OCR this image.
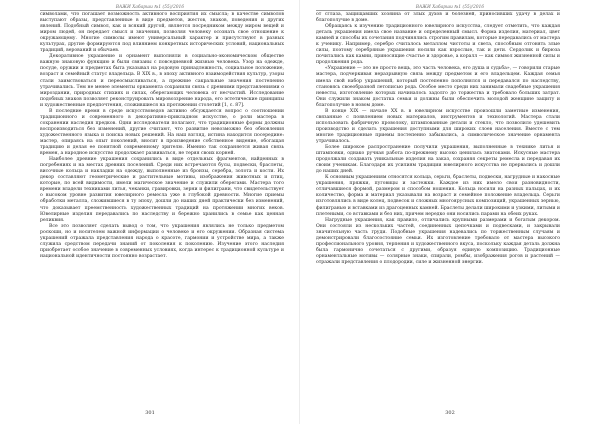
ВАЖИ Хабарши №1 (55)/2016

символами, что погашает возможность активного восприятия их смысла; в качестве символов выступают образы, представленные в виде предметов, жестов, знаков, поведения и других явлений. Подобный символ, как и всякий другой, является посредником между миром вещей и миром людей, он передает смысл и значения, позволяя человеку осознать свое отношение к окружающему. Многие символы имеют универсальный характер и присутствуют в разных культурах, другие формируются под влиянием конкретных исторических условий, национальных традиций, верований и обычаев.

Декоративное украшение и орнамент выполняли в социально-экономическом обществе важную знаковую функцию и были связаны с повседневной жизнью человека. Узор на одежде, посуде, оружии и предметах быта указывал на родовую принадлежность, социальное положение, возраст и семейный статус владельца. В XIX в., в эпоху активного взаимодействия культур, узоры стали заимствоваться и переосмысливаться, а прежние сакральные значения постепенно утрачивались. Тем не менее элементы орнамента сохранили связь с древними представлениями о мироздании, природных стихиях и силах, оберегающих человека от несчастий. Исследование подобных знаков позволяет реконструировать мировоззрение народа, его эстетические принципы и художественные предпочтения, сложившиеся на протяжении столетий [1, с. 87].

В последние время в среде искусствоведов активно обсуждается вопрос о соотношении традиционного и современного в декоративно-прикладном искусстве, о роли мастера в сохранении наследия предков. Одни исследователи полагают, что традиционные формы должны воспроизводиться без изменений, другие считают, что развитие невозможно без обновления художественного языка и поиска новых решений. На наш взгляд, истина находится посередине: мастер, опираясь на опыт поколений, вносит в произведение собственное видение, обогащая традицию и делая ее понятной современному зрителю. Именно так сохраняется живая связь времен, а народное искусство продолжает развиваться, не теряя своих корней.

Наиболее древние украшения сохранились в виде отдельных фрагментов, найденных в погребениях и на местах древних поселений. Среди них встречаются бусы, подвески, браслеты, височные кольца и накладки на одежду, выполненные из бронзы, серебра, золота и кости. Их декор составляют геометрические и растительные мотивы, изображения животных и птиц, которые, по всей видимости, имели магическое значение и служили оберегами. Мастера того времени владели техниками литья, чеканки, гравировки, зерни и филиграни, что свидетельствует о высоком уровне развития ювелирного ремесла уже в глубокой древности. Многие приемы обработки металла, сложившиеся в ту эпоху, дошли до наших дней практически без изменений, что доказывает преемственность художественных традиций на протяжении многих веков. Ювелирные изделия передавались по наследству и бережно хранились в семье как ценная реликвия.

Все это позволяет сделать вывод о том, что украшения являлись не только предметом роскоши, но и носителем важной информации о человеке и его окружении. Образная система украшений отражала представления народа о красоте, гармонии и устройстве мира, а также служила средством передачи знаний от поколения к поколению. Изучение этого наследия приобретает особое значение в современных условиях, когда интерес к традиционной культуре и национальной идентичности постоянно возрастает.

301
ВАЖИ Хабарши №1 (55)/2016

от сглаза, защищавших хозяина от злых духов и болезней, приносивших удачу в делах и благополучие в доме.

Обращаясь к изучению традиционного ювелирного искусства, следует отметить, что каждая деталь украшения имела свое название и определенный смысл. Форма изделия, материал, цвет камней и способы их сочетания подчинялись строгим правилам, которые передавались от мастера к ученику. Например, серебро считалось металлом чистоты и света, способным отгонять злые силы, поэтому серебряные украшения носили как взрослые, так и дети. Сердолик и бирюза почитались как камни, приносящие счастье и здоровье, а коралл — как символ жизненной силы и продолжения рода.

«Украшение — это не просто вещь, это часть человека, его душа и судьба», — говорили старые мастера, подчеркивая неразрывную связь между предметом и его владельцем. Каждая семья имела свой набор украшений, который постепенно пополнялся и передавался по наследству, становясь своеобразной летописью рода. Особое место среди них занимали свадебные украшения невесты, изготовление которых начиналось задолго до торжества и требовало больших затрат. Они служили знаком достатка семьи и должны были обеспечить молодой женщине защиту и благополучие в новом доме.

В конце XIX — начале XX в. в ювелирном искусстве произошли заметные изменения, связанные с появлением новых материалов, инструментов и технологий. Мастера стали использовать фабричную проволоку, штампованные детали и стекло, что позволило удешевить производство и сделать украшения доступными для широких слоев населения. Вместе с тем многие традиционные приемы постепенно забывались, а символическое значение орнамента утрачивалось.

Более широкое распространение получили украшения, выполненные в технике литья и штамповки, однако ручная работа по-прежнему высоко ценилась знатоками. Искусные мастера продолжали создавать уникальные изделия на заказ, сохраняя секреты ремесла и передавая их своим ученикам. Благодаря их усилиям традиции ювелирного искусства не прервались и дошли до наших дней.

К основным украшениям относятся кольца, серьги, браслеты, подвески, нагрудные и накосные украшения, пряжки, пуговицы и застежки. Каждое из них имело свои разновидности, отличавшиеся формой, размером и способом ношения. Кольца носили на разных пальцах, и их количество, форма и материал указывали на возраст и семейное положение владельца. Серьги изготовлялись в виде колец, подвесок и сложных многоярусных композиций, украшенных зернью, филигранью и вставками из драгоценных камней. Браслеты делали широкими и узкими, литыми и плетеными, со вставками и без них, причем нередко они носились парами на обеих руках.

Нагрудные украшения, как правило, отличались крупными размерами и богатым декором. Они состояли из нескольких частей, соединенных цепочками и подвесками, и закрывали значительную часть груди. Подобные украшения надевались по торжественным случаям и демонстрировали благосостояние семьи. Их изготовление требовало от мастера высокого профессионального уровня, терпения и художественного вкуса, поскольку каждая деталь должна была гармонично сочетаться с другими, образуя единую композицию. Традиционные орнаментальные мотивы — солярные знаки, спирали, ромбы, изображения рогов и растений — отражали представления о плодородии, силе и жизненной энергии.

302
